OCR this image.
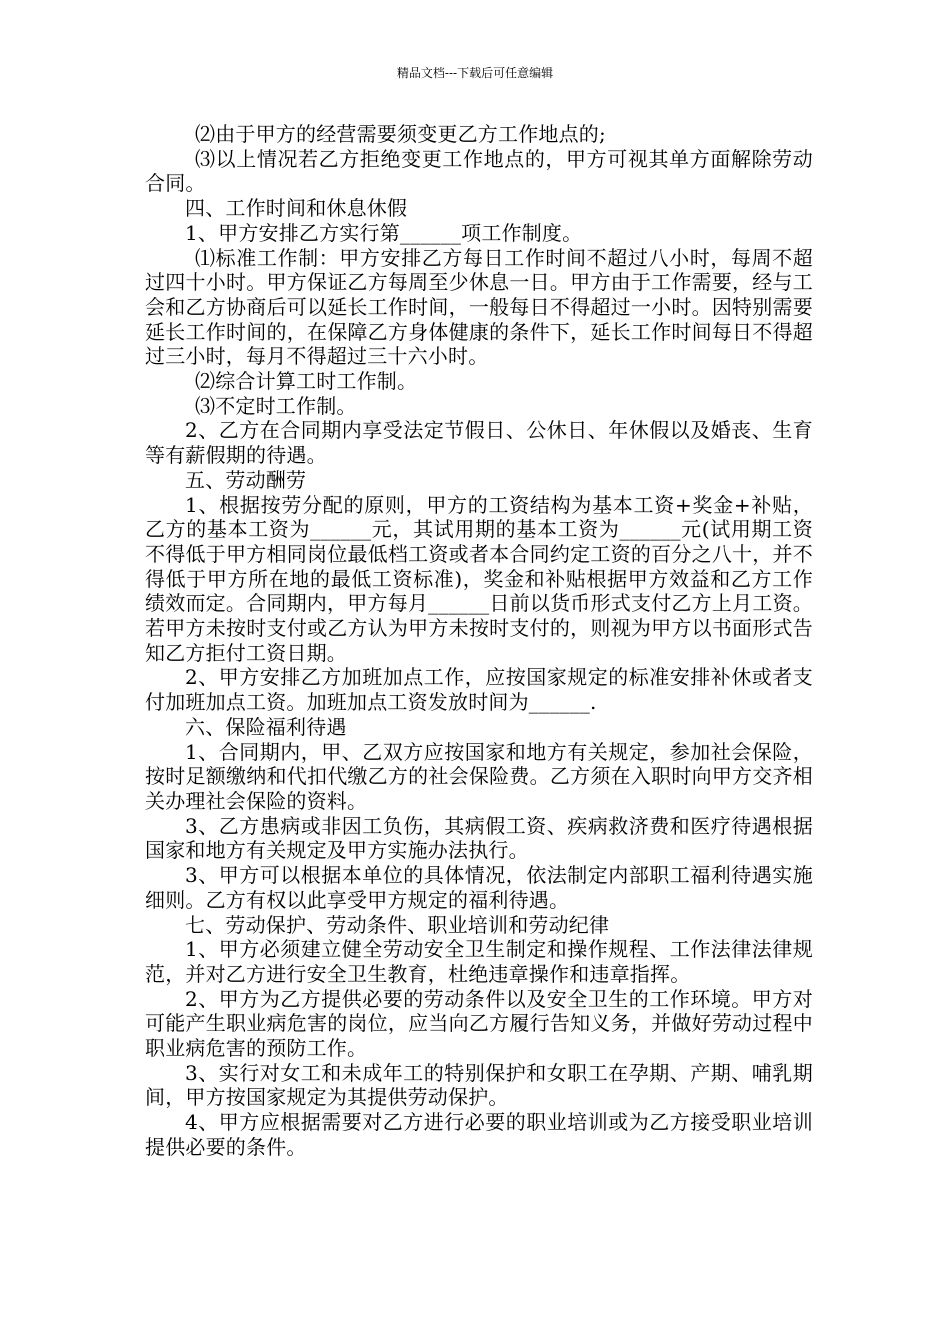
精品文档---下载后可任意编辑

⑵由于甲方的经营需要须变更乙方工作地点的;

⑶以上情况若乙方拒绝变更工作地点的，甲方可视其单方面解除劳动合同。

四、工作时间和休息休假

1、甲方安排乙方实行第______项工作制度。

⑴标准工作制：甲方安排乙方每日工作时间不超过八小时，每周不超过四十小时。甲方保证乙方每周至少休息一日。甲方由于工作需要，经与工会和乙方协商后可以延长工作时间，一般每日不得超过一小时。因特别需要延长工作时间的，在保障乙方身体健康的条件下，延长工作时间每日不得超过三小时，每月不得超过三十六小时。

⑵综合计算工时工作制。

⑶不定时工作制。

2、乙方在合同期内享受法定节假日、公休日、年休假以及婚丧、生育等有薪假期的待遇。

五、劳动酬劳

1、根据按劳分配的原则，甲方的工资结构为基本工资+奖金+补贴，乙方的基本工资为______元，其试用期的基本工资为______元(试用期工资不得低于甲方相同岗位最低档工资或者本合同约定工资的百分之八十，并不得低于甲方所在地的最低工资标准)，奖金和补贴根据甲方效益和乙方工作绩效而定。合同期内，甲方每月______日前以货币形式支付乙方上月工资。若甲方未按时支付或乙方认为甲方未按时支付的，则视为甲方以书面形式告知乙方拒付工资日期。

2、甲方安排乙方加班加点工作，应按国家规定的标准安排补休或者支付加班加点工资。加班加点工资发放时间为______.

六、保险福利待遇

1、合同期内，甲、乙双方应按国家和地方有关规定，参加社会保险，按时足额缴纳和代扣代缴乙方的社会保险费。乙方须在入职时向甲方交齐相关办理社会保险的资料。

3、乙方患病或非因工负伤，其病假工资、疾病救济费和医疗待遇根据国家和地方有关规定及甲方实施办法执行。

3、甲方可以根据本单位的具体情况，依法制定内部职工福利待遇实施细则。乙方有权以此享受甲方规定的福利待遇。

七、劳动保护、劳动条件、职业培训和劳动纪律

1、甲方必须建立健全劳动安全卫生制定和操作规程、工作法律法律规范，并对乙方进行安全卫生教育，杜绝违章操作和违章指挥。

2、甲方为乙方提供必要的劳动条件以及安全卫生的工作环境。甲方对可能产生职业病危害的岗位，应当向乙方履行告知义务，并做好劳动过程中职业病危害的预防工作。

3、实行对女工和未成年工的特别保护和女职工在孕期、产期、哺乳期间，甲方按国家规定为其提供劳动保护。

4、甲方应根据需要对乙方进行必要的职业培训或为乙方接受职业培训提供必要的条件。
